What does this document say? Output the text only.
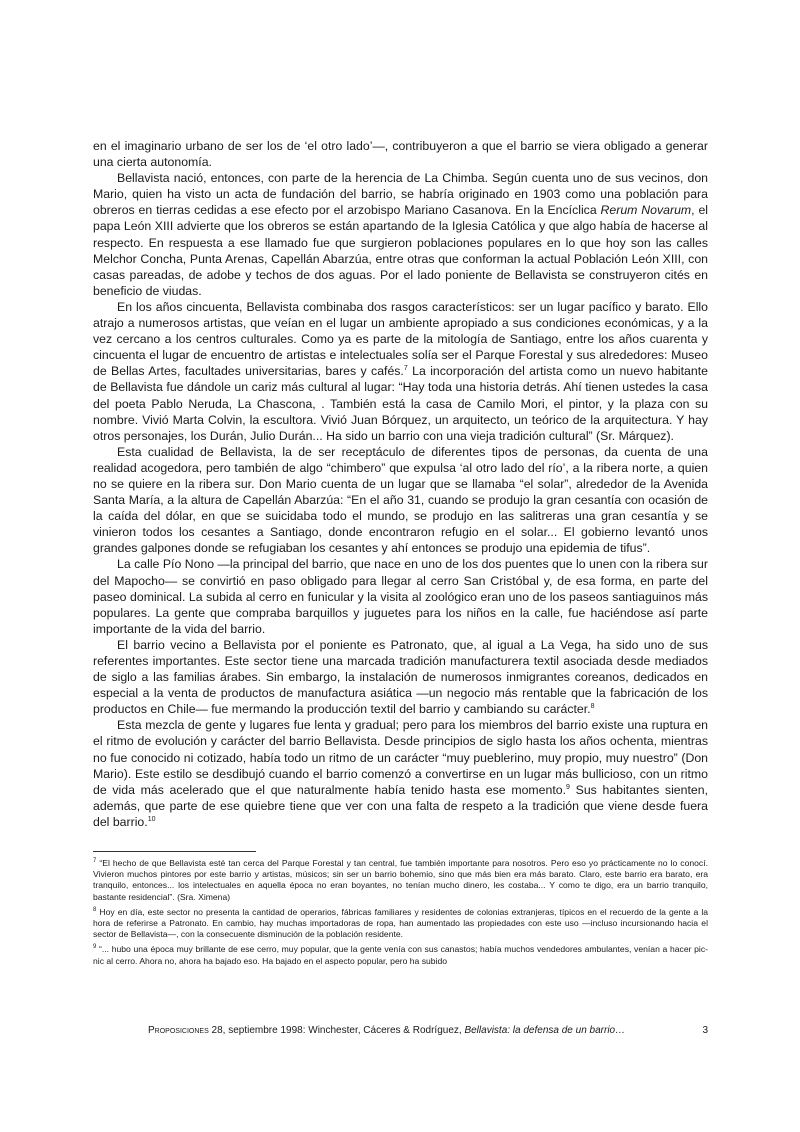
en el imaginario urbano de ser los de ‘el otro lado’—, contribuyeron a que el barrio se viera obligado a generar una cierta autonomía.

Bellavista nació, entonces, con parte de la herencia de La Chimba. Según cuenta uno de sus vecinos, don Mario, quien ha visto un acta de fundación del barrio, se habría originado en 1903 como una población para obreros en tierras cedidas a ese efecto por el arzobispo Mariano Casanova. En la Encíclica Rerum Novarum, el papa León XIII advierte que los obreros se están apartando de la Iglesia Católica y que algo había de hacerse al respecto. En respuesta a ese llamado fue que surgieron poblaciones populares en lo que hoy son las calles Melchor Concha, Punta Arenas, Capellán Abarzúa, entre otras que conforman la actual Población León XIII, con casas pareadas, de adobe y techos de dos aguas. Por el lado poniente de Bellavista se construyeron cités en beneficio de viudas.

En los años cincuenta, Bellavista combinaba dos rasgos característicos: ser un lugar pacífico y barato. Ello atrajo a numerosos artistas, que veían en el lugar un ambiente apropiado a sus condiciones económicas, y a la vez cercano a los centros culturales. Como ya es parte de la mitología de Santiago, entre los años cuarenta y cincuenta el lugar de encuentro de artistas e intelectuales solía ser el Parque Forestal y sus alrededores: Museo de Bellas Artes, facultades universitarias, bares y cafés.$^7$ La incorporación del artista como un nuevo habitante de Bellavista fue dándole un cariz más cultural al lugar: “Hay toda una historia detrás. Ahí tienen ustedes la casa del poeta Pablo Neruda, La Chascona, . También está la casa de Camilo Mori, el pintor, y la plaza con su nombre. Vivió Marta Colvin, la escultora. Vivió Juan Bórquez, un arquitecto, un teórico de la arquitectura. Y hay otros personajes, los Durán, Julio Durán... Ha sido un barrio con una vieja tradición cultural” (Sr. Márquez).

Esta cualidad de Bellavista, la de ser receptáculo de diferentes tipos de personas, da cuenta de una realidad acogedora, pero también de algo “chimbero” que expulsa ‘al otro lado del río’, a la ribera norte, a quien no se quiere en la ribera sur. Don Mario cuenta de un lugar que se llamaba “el solar”, alrededor de la Avenida Santa María, a la altura de Capellán Abarzúa: “En el año 31, cuando se produjo la gran cesantía con ocasión de la caída del dólar, en que se suicidaba todo el mundo, se produjo en las salitreras una gran cesantía y se vinieron todos los cesantes a Santiago, donde encontraron refugio en el solar... El gobierno levantó unos grandes galpones donde se refugiaban los cesantes y ahí entonces se produjo una epidemia de tifus”.

La calle Pío Nono —la principal del barrio, que nace en uno de los dos puentes que lo unen con la ribera sur del Mapocho— se convirtió en paso obligado para llegar al cerro San Cristóbal y, de esa forma, en parte del paseo dominical. La subida al cerro en funicular y la visita al zoológico eran uno de los paseos santiaguinos más populares. La gente que compraba barquillos y juguetes para los niños en la calle, fue haciéndose así parte importante de la vida del barrio.

El barrio vecino a Bellavista por el poniente es Patronato, que, al igual a La Vega, ha sido uno de sus referentes importantes. Este sector tiene una marcada tradición manufacturera textil asociada desde mediados de siglo a las familias árabes. Sin embargo, la instalación de numerosos inmigrantes coreanos, dedicados en especial a la venta de productos de manufactura asiática —un negocio más rentable que la fabricación de los productos en Chile— fue mermando la producción textil del barrio y cambiando su carácter.$^8$

Esta mezcla de gente y lugares fue lenta y gradual; pero para los miembros del barrio existe una ruptura en el ritmo de evolución y carácter del barrio Bellavista. Desde principios de siglo hasta los años ochenta, mientras no fue conocido ni cotizado, había todo un ritmo de un carácter “muy pueblerino, muy propio, muy nuestro” (Don Mario). Este estilo se desdibujó cuando el barrio comenzó a convertirse en un lugar más bullicioso, con un ritmo de vida más acelerado que el que naturalmente había tenido hasta ese momento.$^9$ Sus habitantes sienten, además, que parte de ese quiebre tiene que ver con una falta de respeto a la tradición que viene desde fuera del barrio.$^{10}$

$^7$ “El hecho de que Bellavista esté tan cerca del Parque Forestal y tan central, fue también importante para nosotros. Pero eso yo prácticamente no lo conocí. Vivieron muchos pintores por este barrio y artistas, músicos; sin ser un barrio bohemio, sino que más bien era más barato. Claro, este barrio era barato, era tranquilo, entonces... los intelectuales en aquella época no eran boyantes, no tenían mucho dinero, les costaba... Y como te digo, era un barrio tranquilo, bastante residencial”. (Sra. Ximena)

$^8$ Hoy en día, este sector no presenta la cantidad de operarios, fábricas familiares y residentes de colonias extranjeras, típicos en el recuerdo de la gente a la hora de referirse a Patronato. En cambio, hay muchas importadoras de ropa, han aumentado las propiedades con este uso —incluso incursionando hacia el sector de Bellavista—, con la consecuente disminución de la población residente.

$^9$ “... hubo una época muy brillante de ese cerro, muy popular, que la gente venía con sus canastos; había muchos vendedores ambulantes, venían a hacer pic-nic al cerro. Ahora no, ahora ha bajado eso. Ha bajado en el aspecto popular, pero ha subido

Proposiciones 28, septiembre 1998: Winchester, Cáceres & Rodríguez, Bellavista: la defensa de un barrio…	3
